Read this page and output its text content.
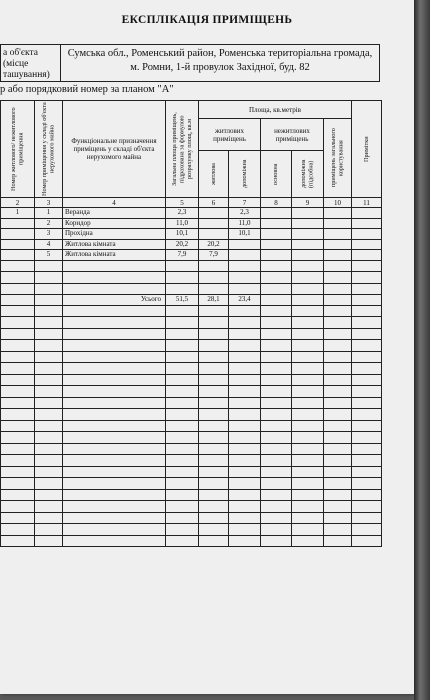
ЕКСПЛІКАЦІЯ ПРИМІЩЕНЬ
а об'єкта (місце ташування)
Сумська обл., Роменський район, Роменська територіальна громада,
м. Ромни, 1-й провулок Західної, буд. 82
р або порядковий номер за планом "А"
Номер житлового/ нежитлового приміщення	Номер приміщення у складі об'єкта нерухомого майна	Функціональне призначення приміщень у складі об'єкта нерухомого майна	Загальна площа приміщень, підрахована за формулою розрахунку площ, кв.м	Площа, кв.метрів					Примітки

				житлових приміщень		нежитлових приміщень		приміщень загального користування	

				житлова	допоміжна	основна	допоміжна (підсобна)		

2	3	4	5	6	7	8	9	10	11
1	1	Веранда	2,3		2,3				
	2	Коридор	11,0		11,0				
	3	Прохідна	10,1		10,1				
	4	Житлова кімната	20,2	20,2					
	5	Житлова кімната	7,9	7,9					

		Усього	51,5	28,1	23,4				
